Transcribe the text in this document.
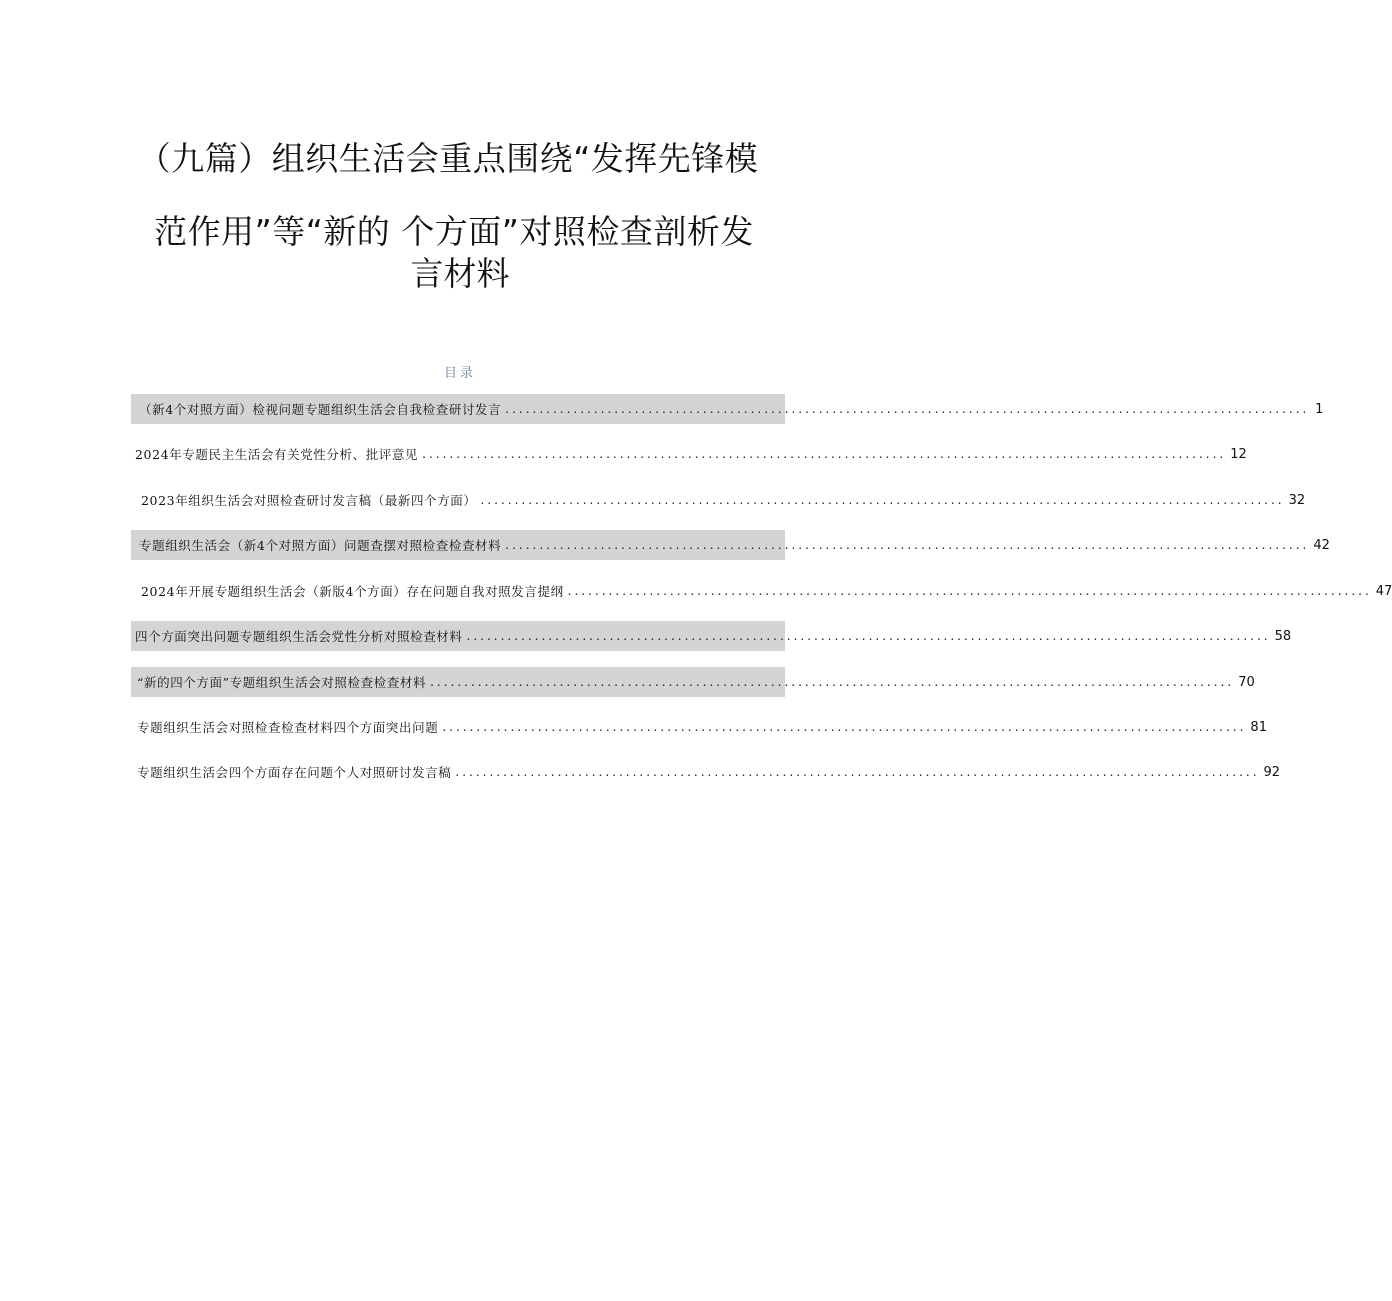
（九篇）组织生活会重点围绕“发挥先锋模
范作用”等“新的 个方面”对照检查剖析发
言材料
目录
（新4个对照方面）检视问题专题组织生活会自我检查研讨发言 ...................................................................................................................... 1
2024年专题民主生活会有关党性分析、批评意见 ...................................................................................................................... 12
2023年组织生活会对照检查研讨发言稿（最新四个方面） ...................................................................................................................... 32
专题组织生活会（新4个对照方面）问题查摆对照检查检查材料 ...................................................................................................................... 42
2024年开展专题组织生活会（新版4个方面）存在问题自我对照发言提纲 ...................................................................................................................... 47
四个方面突出问题专题组织生活会党性分析对照检查材料 ...................................................................................................................... 58
“新的四个方面”专题组织生活会对照检查检查材料 ...................................................................................................................... 70
专题组织生活会对照检查检查材料四个方面突出问题 ...................................................................................................................... 81
专题组织生活会四个方面存在问题个人对照研讨发言稿 ...................................................................................................................... 92
